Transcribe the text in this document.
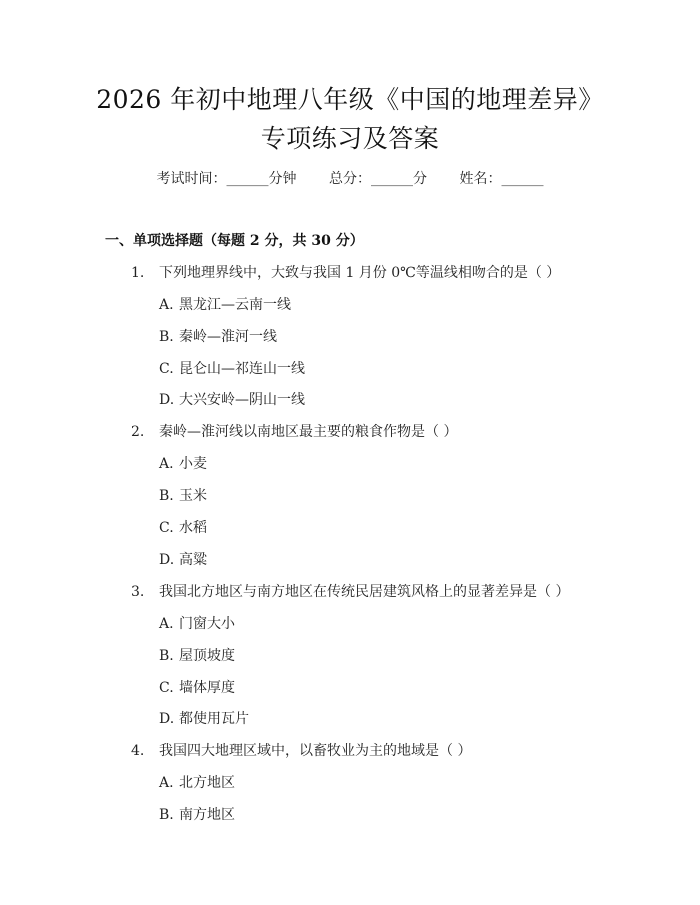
2026 年初中地理八年级《中国的地理差异》
专项练习及答案
考试时间：______分钟 总分：______分 姓名：______
一、单项选择题（每题 2 分，共 30 分）
1. 下列地理界线中，大致与我国 1 月份 0℃等温线相吻合的是（ ）
A. 黑龙江—云南一线
B. 秦岭—淮河一线
C. 昆仑山—祁连山一线
D. 大兴安岭—阴山一线
2. 秦岭—淮河线以南地区最主要的粮食作物是（ ）
A. 小麦
B. 玉米
C. 水稻
D. 高粱
3. 我国北方地区与南方地区在传统民居建筑风格上的显著差异是（ ）
A. 门窗大小
B. 屋顶坡度
C. 墙体厚度
D. 都使用瓦片
4. 我国四大地理区域中，以畜牧业为主的地域是（ ）
A. 北方地区
B. 南方地区
